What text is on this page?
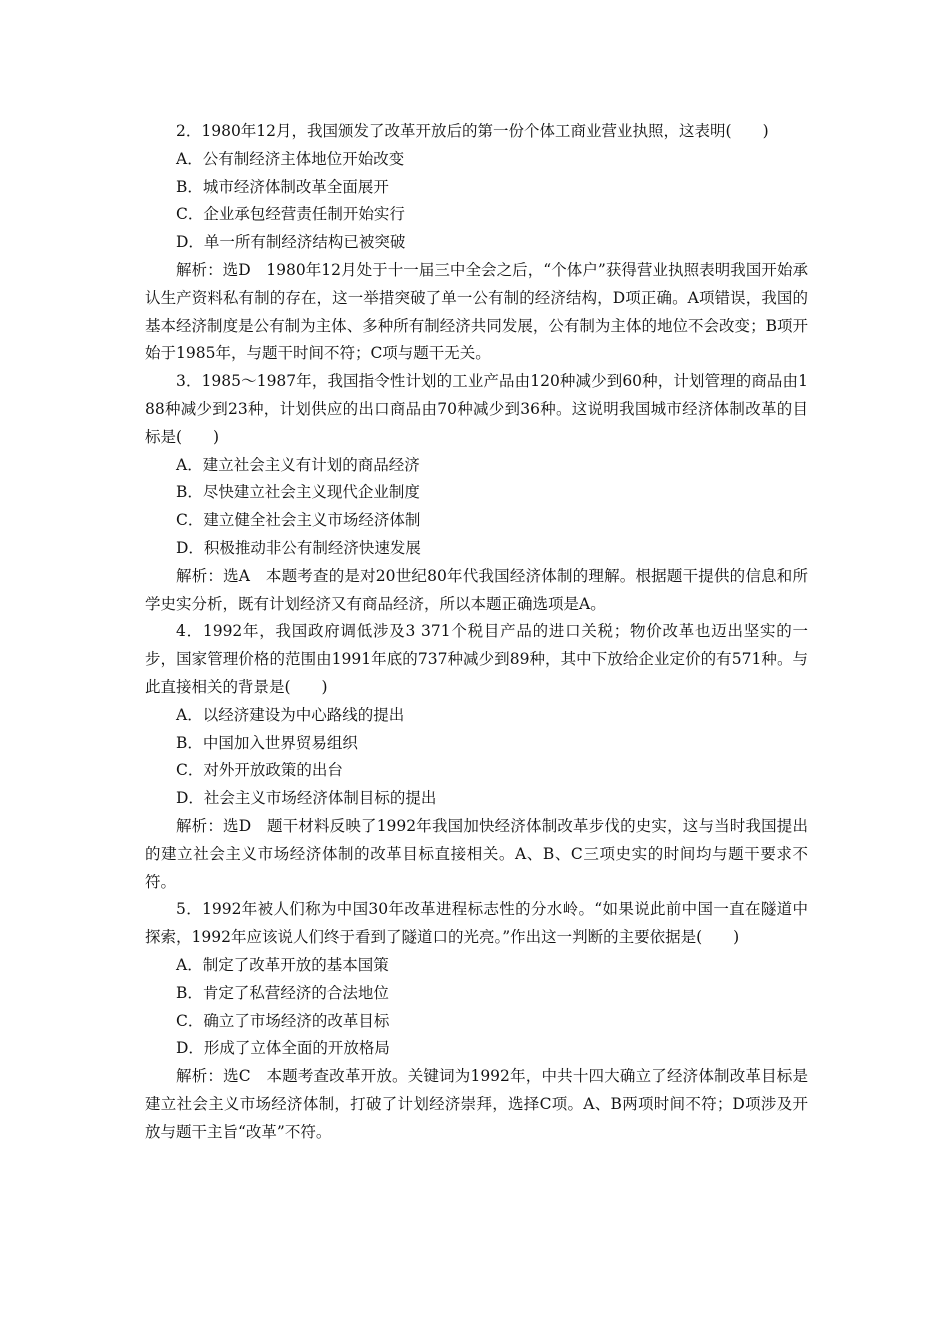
2．1980年12月，我国颁发了改革开放后的第一份个体工商业营业执照，这表明(　　)

A．公有制经济主体地位开始改变

B．城市经济体制改革全面展开

C．企业承包经营责任制开始实行

D．单一所有制经济结构已被突破

解析：选D　1980年12月处于十一届三中全会之后，“个体户”获得营业执照表明我国开始承认生产资料私有制的存在，这一举措突破了单一公有制的经济结构，D项正确。A项错误，我国的基本经济制度是公有制为主体、多种所有制经济共同发展，公有制为主体的地位不会改变；B项开始于1985年，与题干时间不符；C项与题干无关。

3．1985～1987年，我国指令性计划的工业产品由120种减少到60种，计划管理的商品由188种减少到23种，计划供应的出口商品由70种减少到36种。这说明我国城市经济体制改革的目标是(　　)

A．建立社会主义有计划的商品经济

B．尽快建立社会主义现代企业制度

C．建立健全社会主义市场经济体制

D．积极推动非公有制经济快速发展

解析：选A　本题考查的是对20世纪80年代我国经济体制的理解。根据题干提供的信息和所学史实分析，既有计划经济又有商品经济，所以本题正确选项是A。

4．1992年，我国政府调低涉及3 371个税目产品的进口关税；物价改革也迈出坚实的一步，国家管理价格的范围由1991年底的737种减少到89种，其中下放给企业定价的有571种。与此直接相关的背景是(　　)

A．以经济建设为中心路线的提出

B．中国加入世界贸易组织

C．对外开放政策的出台

D．社会主义市场经济体制目标的提出

解析：选D　题干材料反映了1992年我国加快经济体制改革步伐的史实，这与当时我国提出的建立社会主义市场经济体制的改革目标直接相关。A、B、C三项史实的时间均与题干要求不符。

5．1992年被人们称为中国30年改革进程标志性的分水岭。“如果说此前中国一直在隧道中探索，1992年应该说人们终于看到了隧道口的光亮。”作出这一判断的主要依据是(　　)

A．制定了改革开放的基本国策

B．肯定了私营经济的合法地位

C．确立了市场经济的改革目标

D．形成了立体全面的开放格局

解析：选C　本题考查改革开放。关键词为1992年，中共十四大确立了经济体制改革目标是建立社会主义市场经济体制，打破了计划经济崇拜，选择C项。A、B两项时间不符；D项涉及开放与题干主旨“改革”不符。
